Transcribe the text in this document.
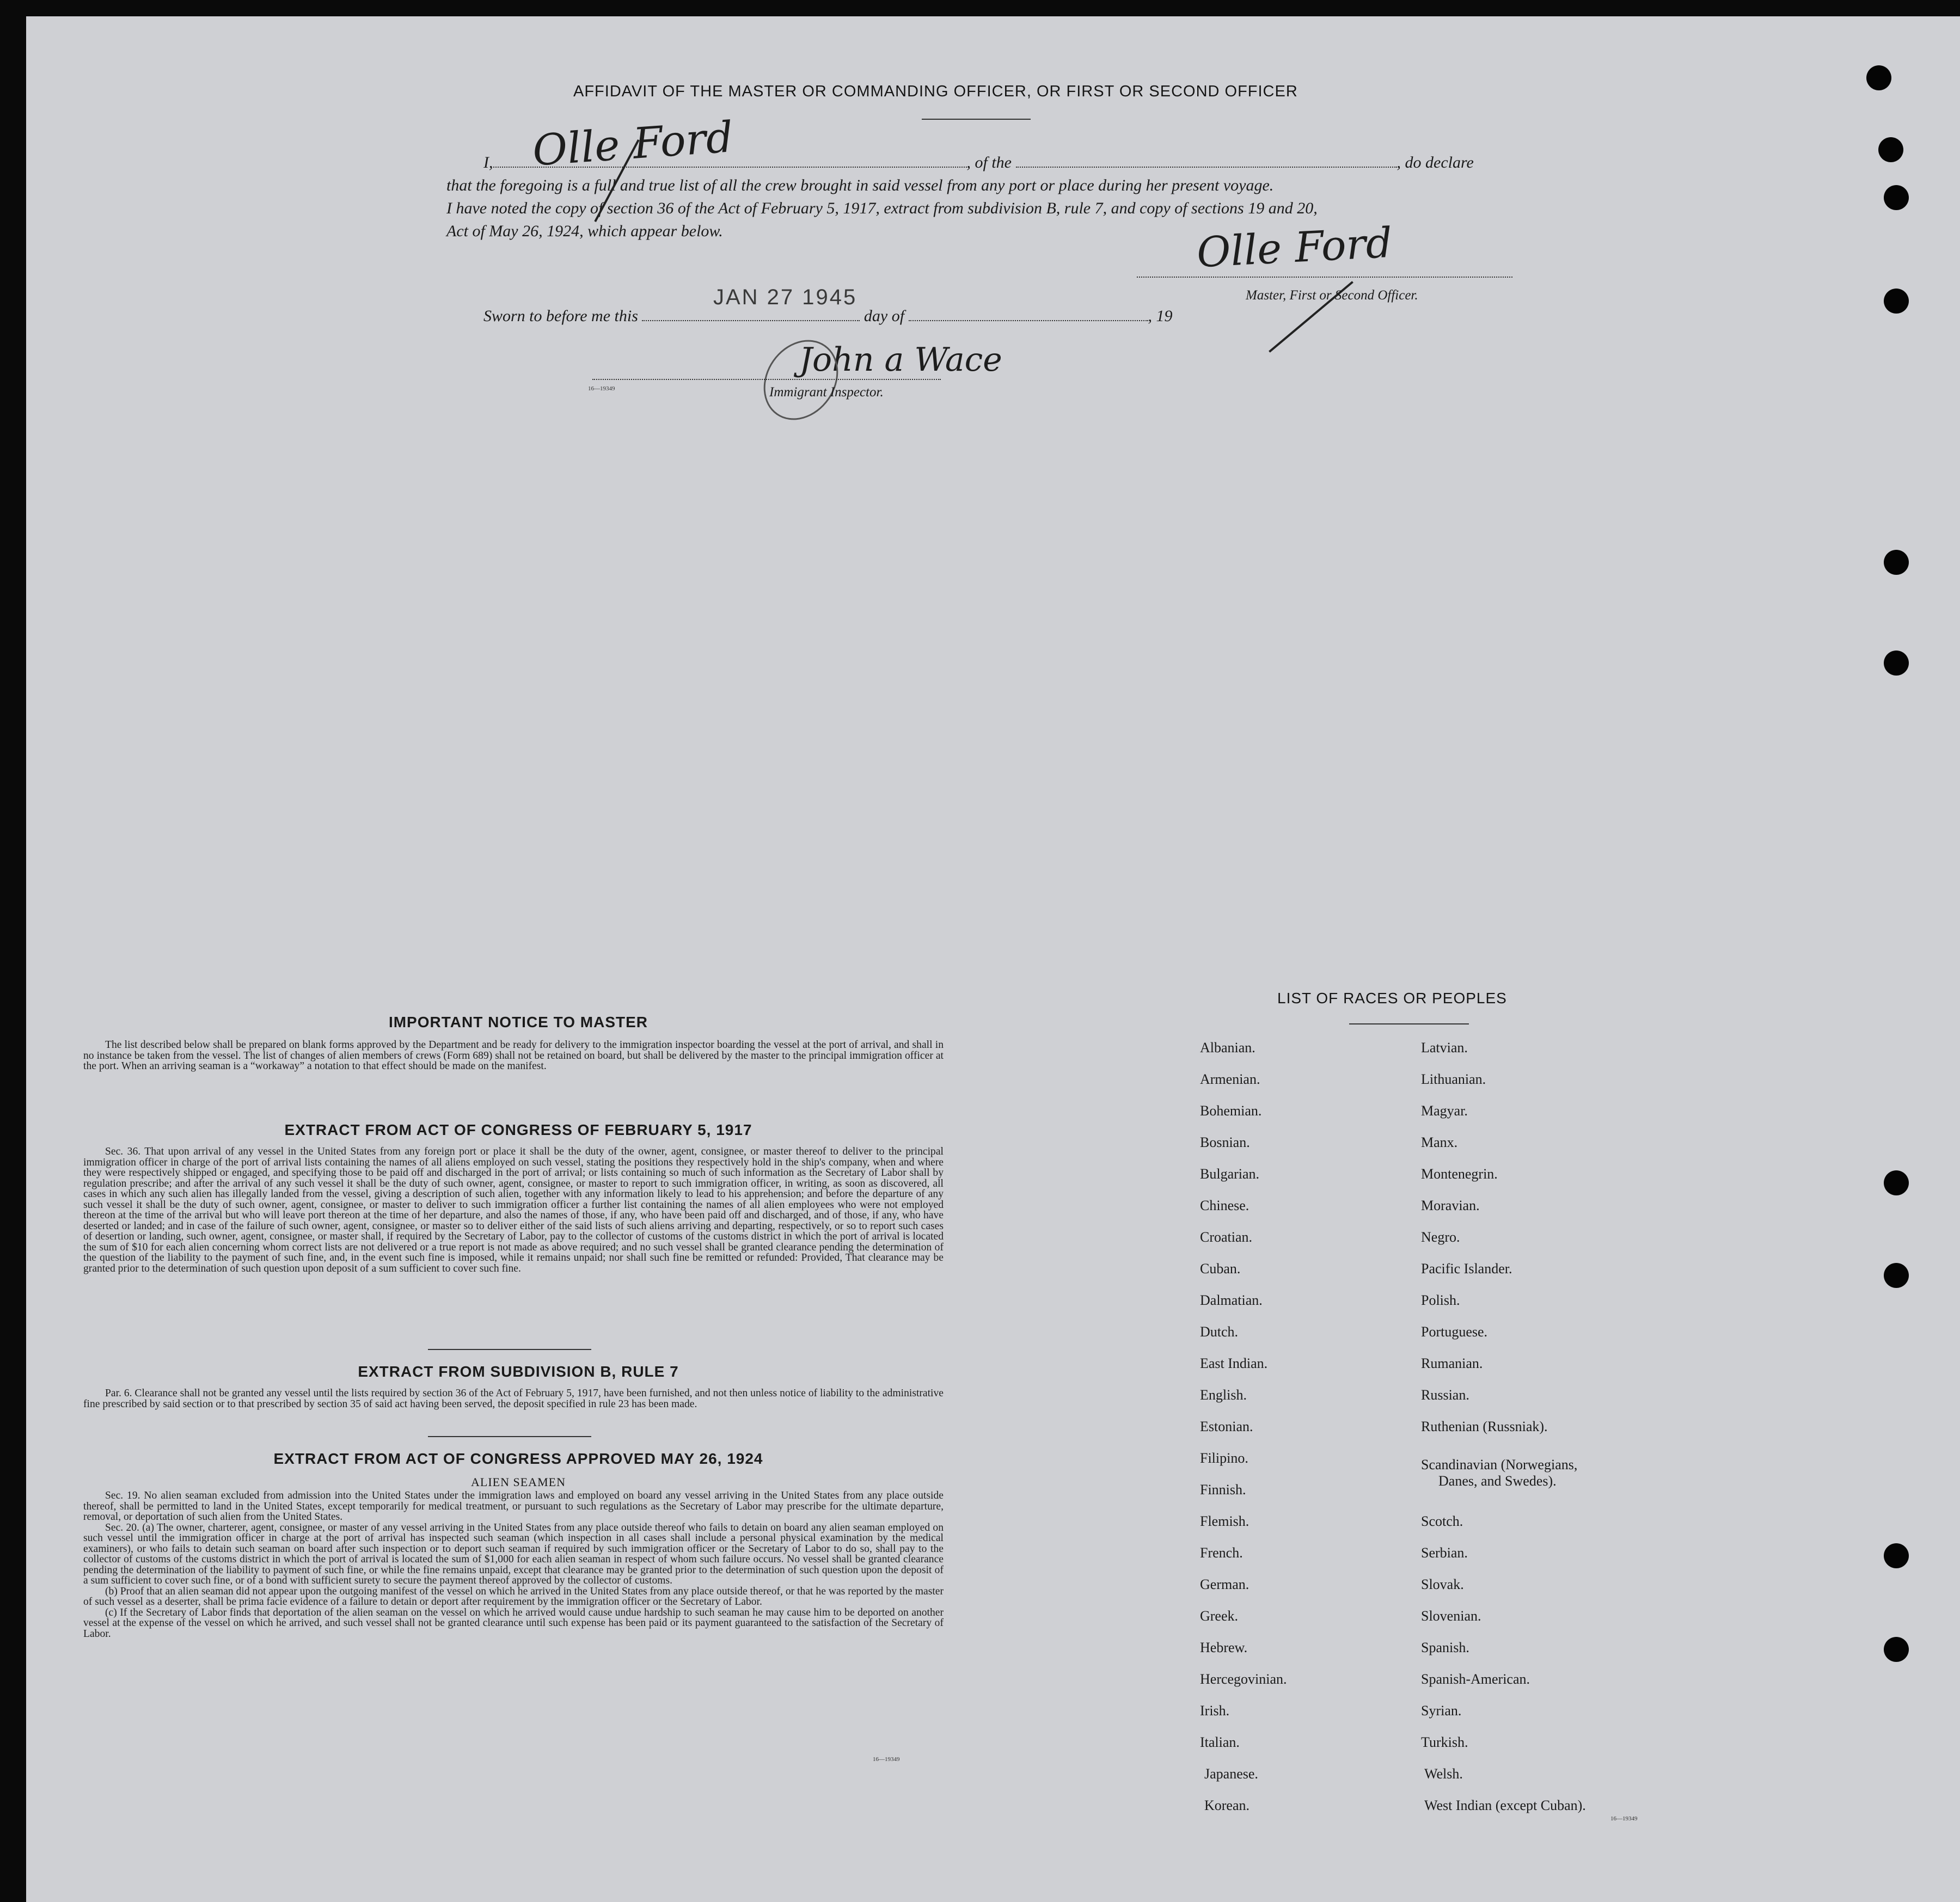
AFFIDAVIT OF THE MASTER OR COMMANDING OFFICER, OR FIRST OR SECOND OFFICER
I,	, of the	, do declare
that the foregoing is a full and true list of all the crew brought in said vessel from any port or place during her present voyage.
I have noted the copy of section 36 of the Act of February 5, 1917, extract from subdivision B, rule 7, and copy of sections 19 and 20,
Act of May 26, 1924, which appear below.
Olle Ford
Olle Ford
Master, First or Second Officer.
Sworn to before me this	day of	, 19
JAN 27 1945
John a Wace
Immigrant Inspector.
16—19349
IMPORTANT NOTICE TO MASTER

The list described below shall be prepared on blank forms approved by the Department and be ready for delivery to the immigration inspector boarding the vessel at the port of arrival, and shall in no instance be taken from the vessel. The list of changes of alien members of crews (Form 689) shall not be retained on board, but shall be delivered by the master to the principal immigration officer at the port. When an arriving seaman is a “workaway” a notation to that effect should be made on the manifest.

EXTRACT FROM ACT OF CONGRESS OF FEBRUARY 5, 1917

Sec. 36. That upon arrival of any vessel in the United States from any foreign port or place it shall be the duty of the owner, agent, consignee, or master thereof to deliver to the principal immigration officer in charge of the port of arrival lists containing the names of all aliens employed on such vessel, stating the positions they respectively hold in the ship's company, when and where they were respectively shipped or engaged, and specifying those to be paid off and discharged in the port of arrival; or lists containing so much of such information as the Secretary of Labor shall by regulation prescribe; and after the arrival of any such vessel it shall be the duty of such owner, agent, consignee, or master to report to such immigration officer, in writing, as soon as discovered, all cases in which any such alien has illegally landed from the vessel, giving a description of such alien, together with any information likely to lead to his apprehension; and before the departure of any such vessel it shall be the duty of such owner, agent, consignee, or master to deliver to such immigration officer a further list containing the names of all alien employees who were not employed thereon at the time of the arrival but who will leave port thereon at the time of her departure, and also the names of those, if any, who have been paid off and discharged, and of those, if any, who have deserted or landed; and in case of the failure of such owner, agent, consignee, or master so to deliver either of the said lists of such aliens arriving and departing, respectively, or so to report such cases of desertion or landing, such owner, agent, consignee, or master shall, if required by the Secretary of Labor, pay to the collector of customs of the customs district in which the port of arrival is located the sum of $10 for each alien concerning whom correct lists are not delivered or a true report is not made as above required; and no such vessel shall be granted clearance pending the determination of the question of the liability to the payment of such fine, and, in the event such fine is imposed, while it remains unpaid; nor shall such fine be remitted or refunded: Provided, That clearance may be granted prior to the determination of such question upon deposit of a sum sufficient to cover such fine.

EXTRACT FROM SUBDIVISION B, RULE 7

Par. 6. Clearance shall not be granted any vessel until the lists required by section 36 of the Act of February 5, 1917, have been furnished, and not then unless notice of liability to the administrative fine prescribed by said section or to that prescribed by section 35 of said act having been served, the deposit specified in rule 23 has been made.

EXTRACT FROM ACT OF CONGRESS APPROVED MAY 26, 1924
ALIEN SEAMEN

Sec. 19. No alien seaman excluded from admission into the United States under the immigration laws and employed on board any vessel arriving in the United States from any place outside thereof, shall be permitted to land in the United States, except temporarily for medical treatment, or pursuant to such regulations as the Secretary of Labor may prescribe for the ultimate departure, removal, or deportation of such alien from the United States.

Sec. 20. (a) The owner, charterer, agent, consignee, or master of any vessel arriving in the United States from any place outside thereof who fails to detain on board any alien seaman employed on such vessel until the immigration officer in charge at the port of arrival has inspected such seaman (which inspection in all cases shall include a personal physical examination by the medical examiners), or who fails to detain such seaman on board after such inspection or to deport such seaman if required by such immigration officer or the Secretary of Labor to do so, shall pay to the collector of customs of the customs district in which the port of arrival is located the sum of $1,000 for each alien seaman in respect of whom such failure occurs. No vessel shall be granted clearance pending the determination of the liability to payment of such fine, or while the fine remains unpaid, except that clearance may be granted prior to the determination of such question upon the deposit of a sum sufficient to cover such fine, or of a bond with sufficient surety to secure the payment thereof approved by the collector of customs.

(b) Proof that an alien seaman did not appear upon the outgoing manifest of the vessel on which he arrived in the United States from any place outside thereof, or that he was reported by the master of such vessel as a deserter, shall be prima facie evidence of a failure to detain or deport after requirement by the immigration officer or the Secretary of Labor.

(c) If the Secretary of Labor finds that deportation of the alien seaman on the vessel on which he arrived would cause undue hardship to such seaman he may cause him to be deported on another vessel at the expense of the vessel on which he arrived, and such vessel shall not be granted clearance until such expense has been paid or its payment guaranteed to the satisfaction of the Secretary of Labor.

16—19349
LIST OF RACES OR PEOPLES
Albanian.
Armenian.
Bohemian.
Bosnian.
Bulgarian.
Chinese.
Croatian.
Cuban.
Dalmatian.
Dutch.
East Indian.
English.
Estonian.
Filipino.
Finnish.
Flemish.
French.
German.
Greek.
Hebrew.
Hercegovinian.
Irish.
Italian.
Japanese.
Korean.
Latvian.
Lithuanian.
Magyar.
Manx.
Montenegrin.
Moravian.
Negro.
Pacific Islander.
Polish.
Portuguese.
Rumanian.
Russian.
Ruthenian (Russniak).
Scandinavian (Norwegians,
Danes, and Swedes).
Scotch.
Serbian.
Slovak.
Slovenian.
Spanish.
Spanish-American.
Syrian.
Turkish.
Welsh.
West Indian (except Cuban).
16—19349
